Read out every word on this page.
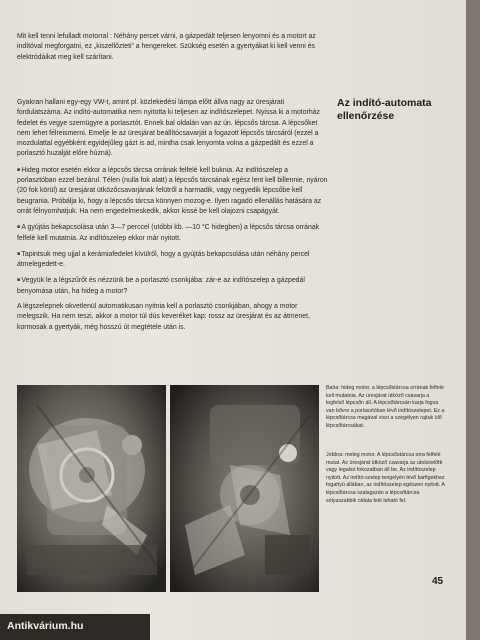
Mit kell tenni lefulladt motorral : Néhány percet várni, a gázpedált teljesen lenyomni és a motort az indítóval megforgatni, ez „kiszellőzteti” a hengereket. Szükség esetén a gyertyákat ki kell venni és elektródáikat meg kell szárítani.

Az indító-automata ellenőrzése

Gyakran hallani egy-egy VW-t, amint pl. közlekedési lámpa előtt állva nagy az üresjárati fordulatszáma. Az indító-automatika nem nyitotta ki teljesen az indítószelepet. Nyissa ki a motorház fedelet és vegye szemügyre a porlasztót. Ennek bal oldalán van az ún. lépcsős tárcsa. A lépcsőket nem lehet félreismerni. Emelje le az üresjárat beállítócsavarját a fogazott lépcsős tárcsáról (ezzel a mozdulattal egyébként egyidejűleg gázt is ad, mintha csak lenyomta volna a gázpedált és ezzel a porlasztó huzalját előre húzná).

■ Hideg motor esetén ekkor a lépcsős tárcsa orrának felfelé kell buknia. Az indítószelep a porlasztóban ezzel bezárul. Télen (nulla fok alatt) a lépcsős tárcsának egész lent kell billennie, nyáron (20 fok körül) az üresjárat ütközőcsavarjának felütről a harmadik, vagy negyedik lépcsőbe kell beugrania. Próbálja ki, hogy a lépcsős tárcsa könnyen mozog-e. Ilyen ragadó ellenállás hatására az orrát félnyomhatjuk. Ha nem engedelmeskedik, akkor kissé be kell olajozni csapágyát.

■ A gyújtás bekapcsolása után 3—7 perccel (utóbbi kb. —10 °C hidegben) a lépcsős tárcsa orrának felfelé kell mutatnia. Az indítószelep ekkor már nyitott.

■ Tapintsuk meg ujjal a kerámiafedelet kívülről, hogy a gyújtás bekapcsolása után néhány percel átmelegedett-e.

■ Vegyük le a légszűrőt és nézzünk be a porlasztó csonkjába: zár-e az indítószelep a gázpedál benyomása után, ha hideg a motor?

A légszelepnek okvetlenül automatikusan nyitnia kell a porlasztó csonkjában, ahogy a motor melegszik. Ha nem teszi, akkor a motor túl dús keveréket kap: rossz az üresjárat és az átmenet, kormosak a gyertyák, még hosszú út megtétele után is.

Balra: hideg motor, a lépcsőstárcsa orrának felfelé kell mutatnia. Az üresjárat ütköző csavarja a legfelső lépcsőn áll. A lépcsőtárcsán karja fogva van bővre a porlasztóban lévő indítószelepet. Ez a lépcsőtárcsa magával viszi a szegélyen rajtuk ülő lépcsőtárcsákat.

Jobbra: meleg motor. A lépcsőstárcsa orra felfelé mutat. Az üresjárat ütköző csavarja az utolsóelőtti vagy legalsó fokozatban áll be. Az indítószelep nyitott. Az indító-szelep tengelyén lévő karfigekhez fogattyú állában, az indítószelep egészen nyitott. A lépcsőtárcsa szalagszán a lépcsőtárcsa sólyaszabbik oldala felé leható fel.

45
Antikvárium.hu
